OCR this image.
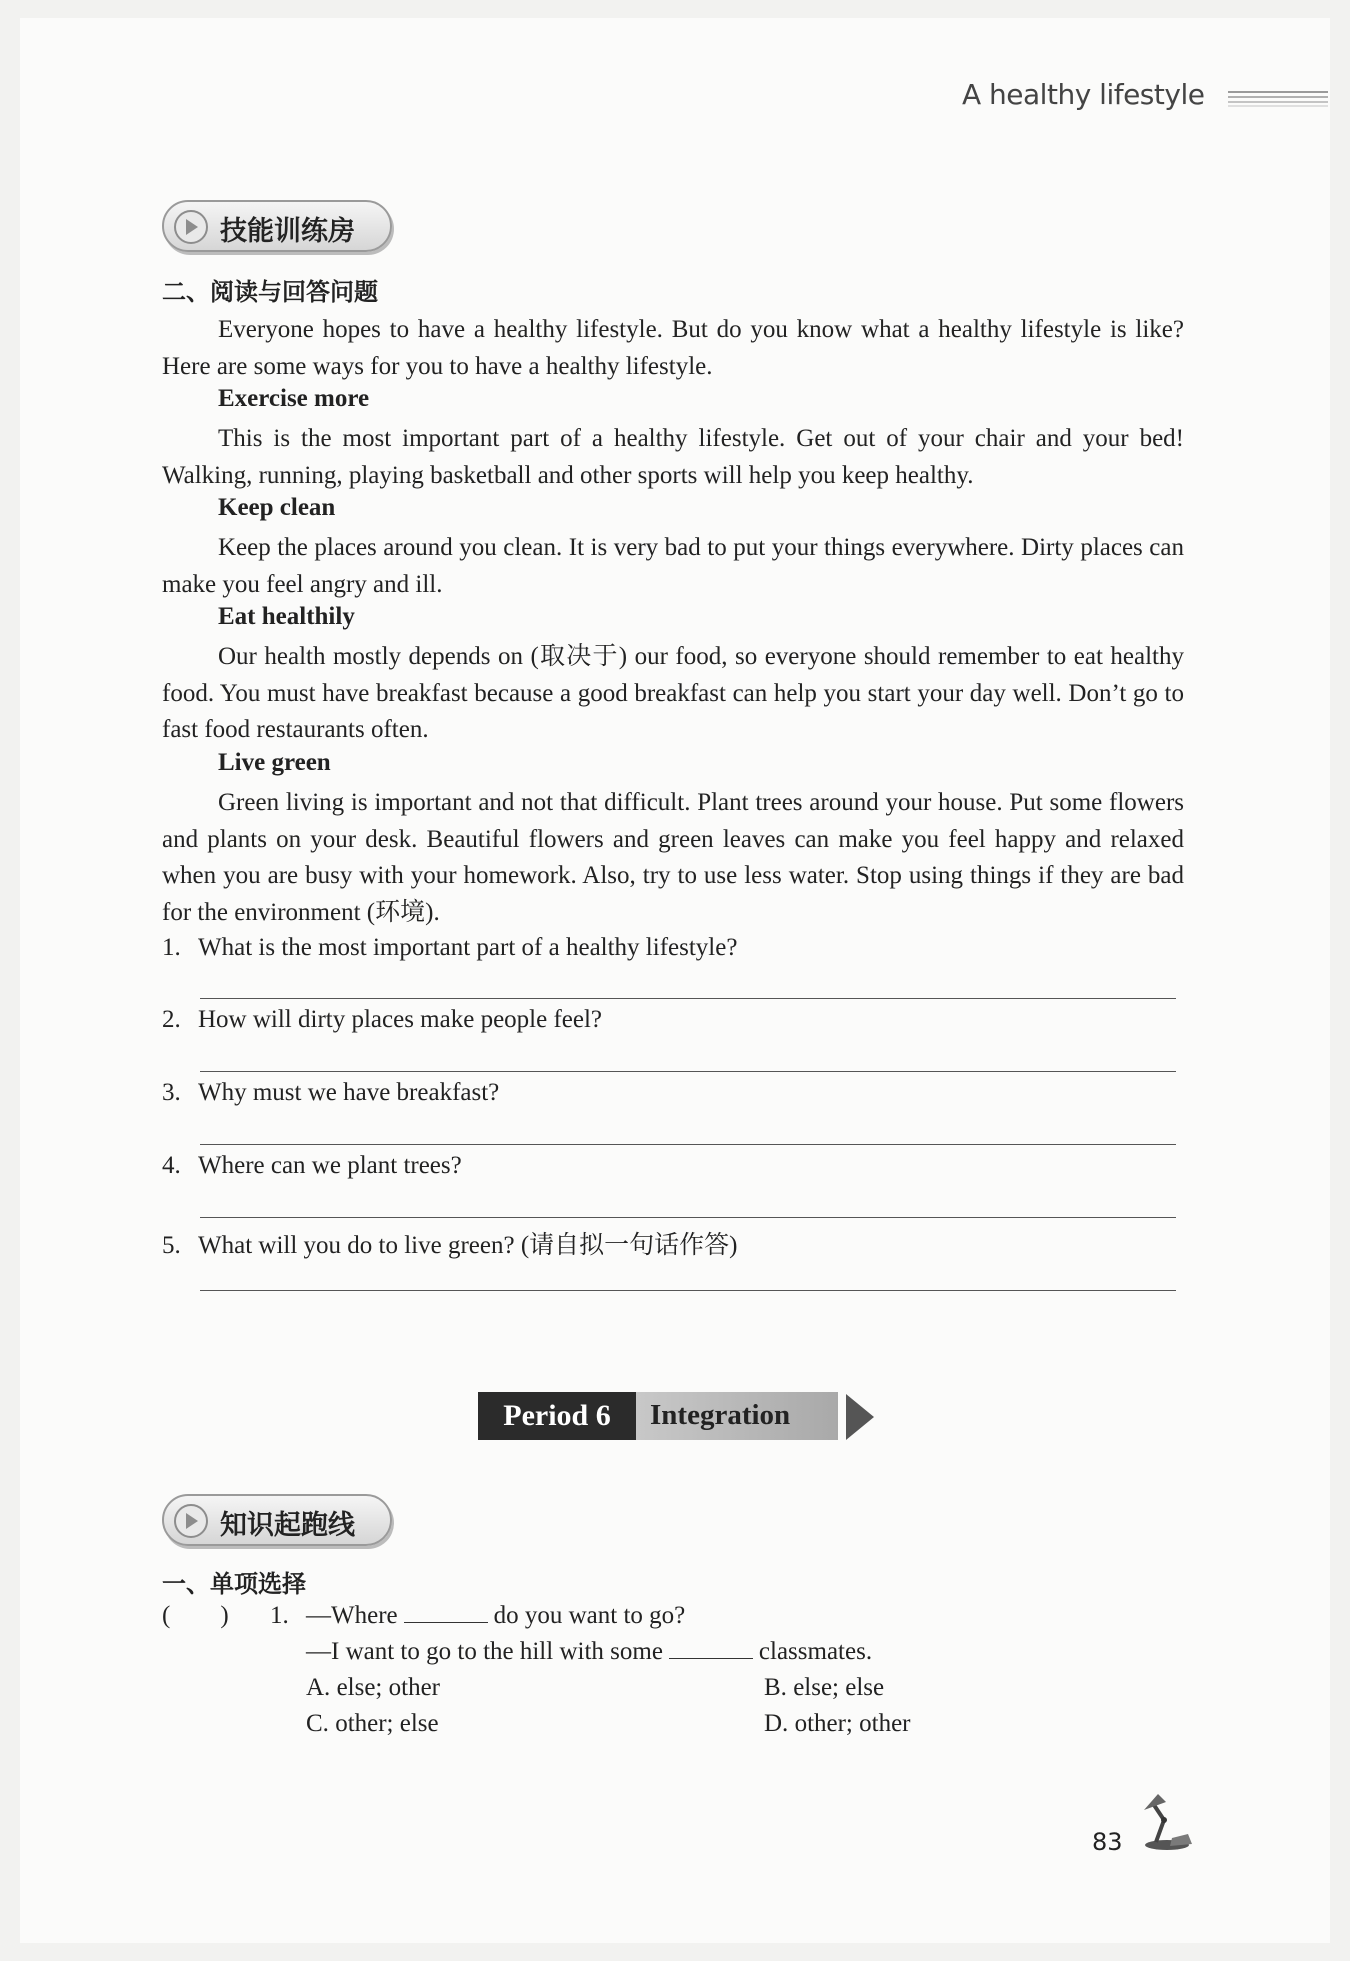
A healthy lifestyle
技能训练房
二、阅读与回答问题

Everyone hopes to have a healthy lifestyle. But do you know what a healthy lifestyle is like? Here are some ways for you to have a healthy lifestyle.

Exercise more

This is the most important part of a healthy lifestyle. Get out of your chair and your bed! Walking, running, playing basketball and other sports will help you keep healthy.

Keep clean

Keep the places around you clean. It is very bad to put your things everywhere. Dirty places can make you feel angry and ill.

Eat healthily

Our health mostly depends on (取决于) our food, so everyone should remember to eat healthy food. You must have breakfast because a good breakfast can help you start your day well. Don’t go to fast food restaurants often.

Live green

Green living is important and not that difficult. Plant trees around your house. Put some flowers and plants on your desk. Beautiful flowers and green leaves can make you feel happy and relaxed when you are busy with your homework. Also, try to use less water. Stop using things if they are bad for the environment (环境).

1. What is the most important part of a healthy lifestyle?
2. How will dirty places make people feel?
3. Why must we have breakfast?
4. Where can we plant trees?
5. What will you do to live green? (请自拟一句话作答)
Period 6	Integration
知识起跑线
一、单项选择
(        ) 1. —Where	do you want to go?
—I want to go to the hill with some	classmates.
A. else; other	B. else; else
C. other; else	D. other; other
83
